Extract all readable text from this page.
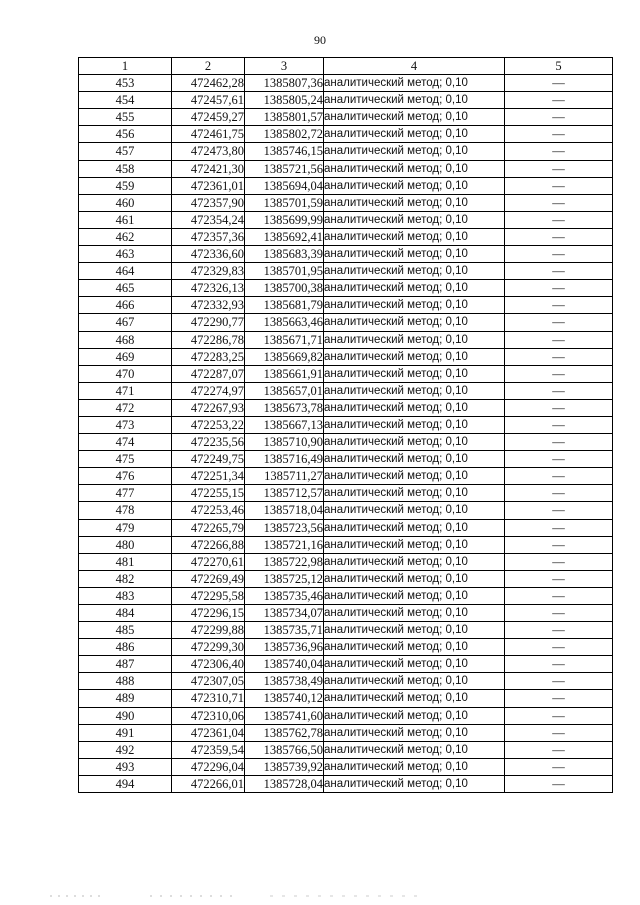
90
1	2	3	4	5
453	472462,28	1385807,36	аналитический метод; 0,10	—
454	472457,61	1385805,24	аналитический метод; 0,10	—
455	472459,27	1385801,57	аналитический метод; 0,10	—
456	472461,75	1385802,72	аналитический метод; 0,10	—
457	472473,80	1385746,15	аналитический метод; 0,10	—
458	472421,30	1385721,56	аналитический метод; 0,10	—
459	472361,01	1385694,04	аналитический метод; 0,10	—
460	472357,90	1385701,59	аналитический метод; 0,10	—
461	472354,24	1385699,99	аналитический метод; 0,10	—
462	472357,36	1385692,41	аналитический метод; 0,10	—
463	472336,60	1385683,39	аналитический метод; 0,10	—
464	472329,83	1385701,95	аналитический метод; 0,10	—
465	472326,13	1385700,38	аналитический метод; 0,10	—
466	472332,93	1385681,79	аналитический метод; 0,10	—
467	472290,77	1385663,46	аналитический метод; 0,10	—
468	472286,78	1385671,71	аналитический метод; 0,10	—
469	472283,25	1385669,82	аналитический метод; 0,10	—
470	472287,07	1385661,91	аналитический метод; 0,10	—
471	472274,97	1385657,01	аналитический метод; 0,10	—
472	472267,93	1385673,78	аналитический метод; 0,10	—
473	472253,22	1385667,13	аналитический метод; 0,10	—
474	472235,56	1385710,90	аналитический метод; 0,10	—
475	472249,75	1385716,49	аналитический метод; 0,10	—
476	472251,34	1385711,27	аналитический метод; 0,10	—
477	472255,15	1385712,57	аналитический метод; 0,10	—
478	472253,46	1385718,04	аналитический метод; 0,10	—
479	472265,79	1385723,56	аналитический метод; 0,10	—
480	472266,88	1385721,16	аналитический метод; 0,10	—
481	472270,61	1385722,98	аналитический метод; 0,10	—
482	472269,49	1385725,12	аналитический метод; 0,10	—
483	472295,58	1385735,46	аналитический метод; 0,10	—
484	472296,15	1385734,07	аналитический метод; 0,10	—
485	472299,88	1385735,71	аналитический метод; 0,10	—
486	472299,30	1385736,96	аналитический метод; 0,10	—
487	472306,40	1385740,04	аналитический метод; 0,10	—
488	472307,05	1385738,49	аналитический метод; 0,10	—
489	472310,71	1385740,12	аналитический метод; 0,10	—
490	472310,06	1385741,60	аналитический метод; 0,10	—
491	472361,04	1385762,78	аналитический метод; 0,10	—
492	472359,54	1385766,50	аналитический метод; 0,10	—
493	472296,04	1385739,92	аналитический метод; 0,10	—
494	472266,01	1385728,04	аналитический метод; 0,10	—
